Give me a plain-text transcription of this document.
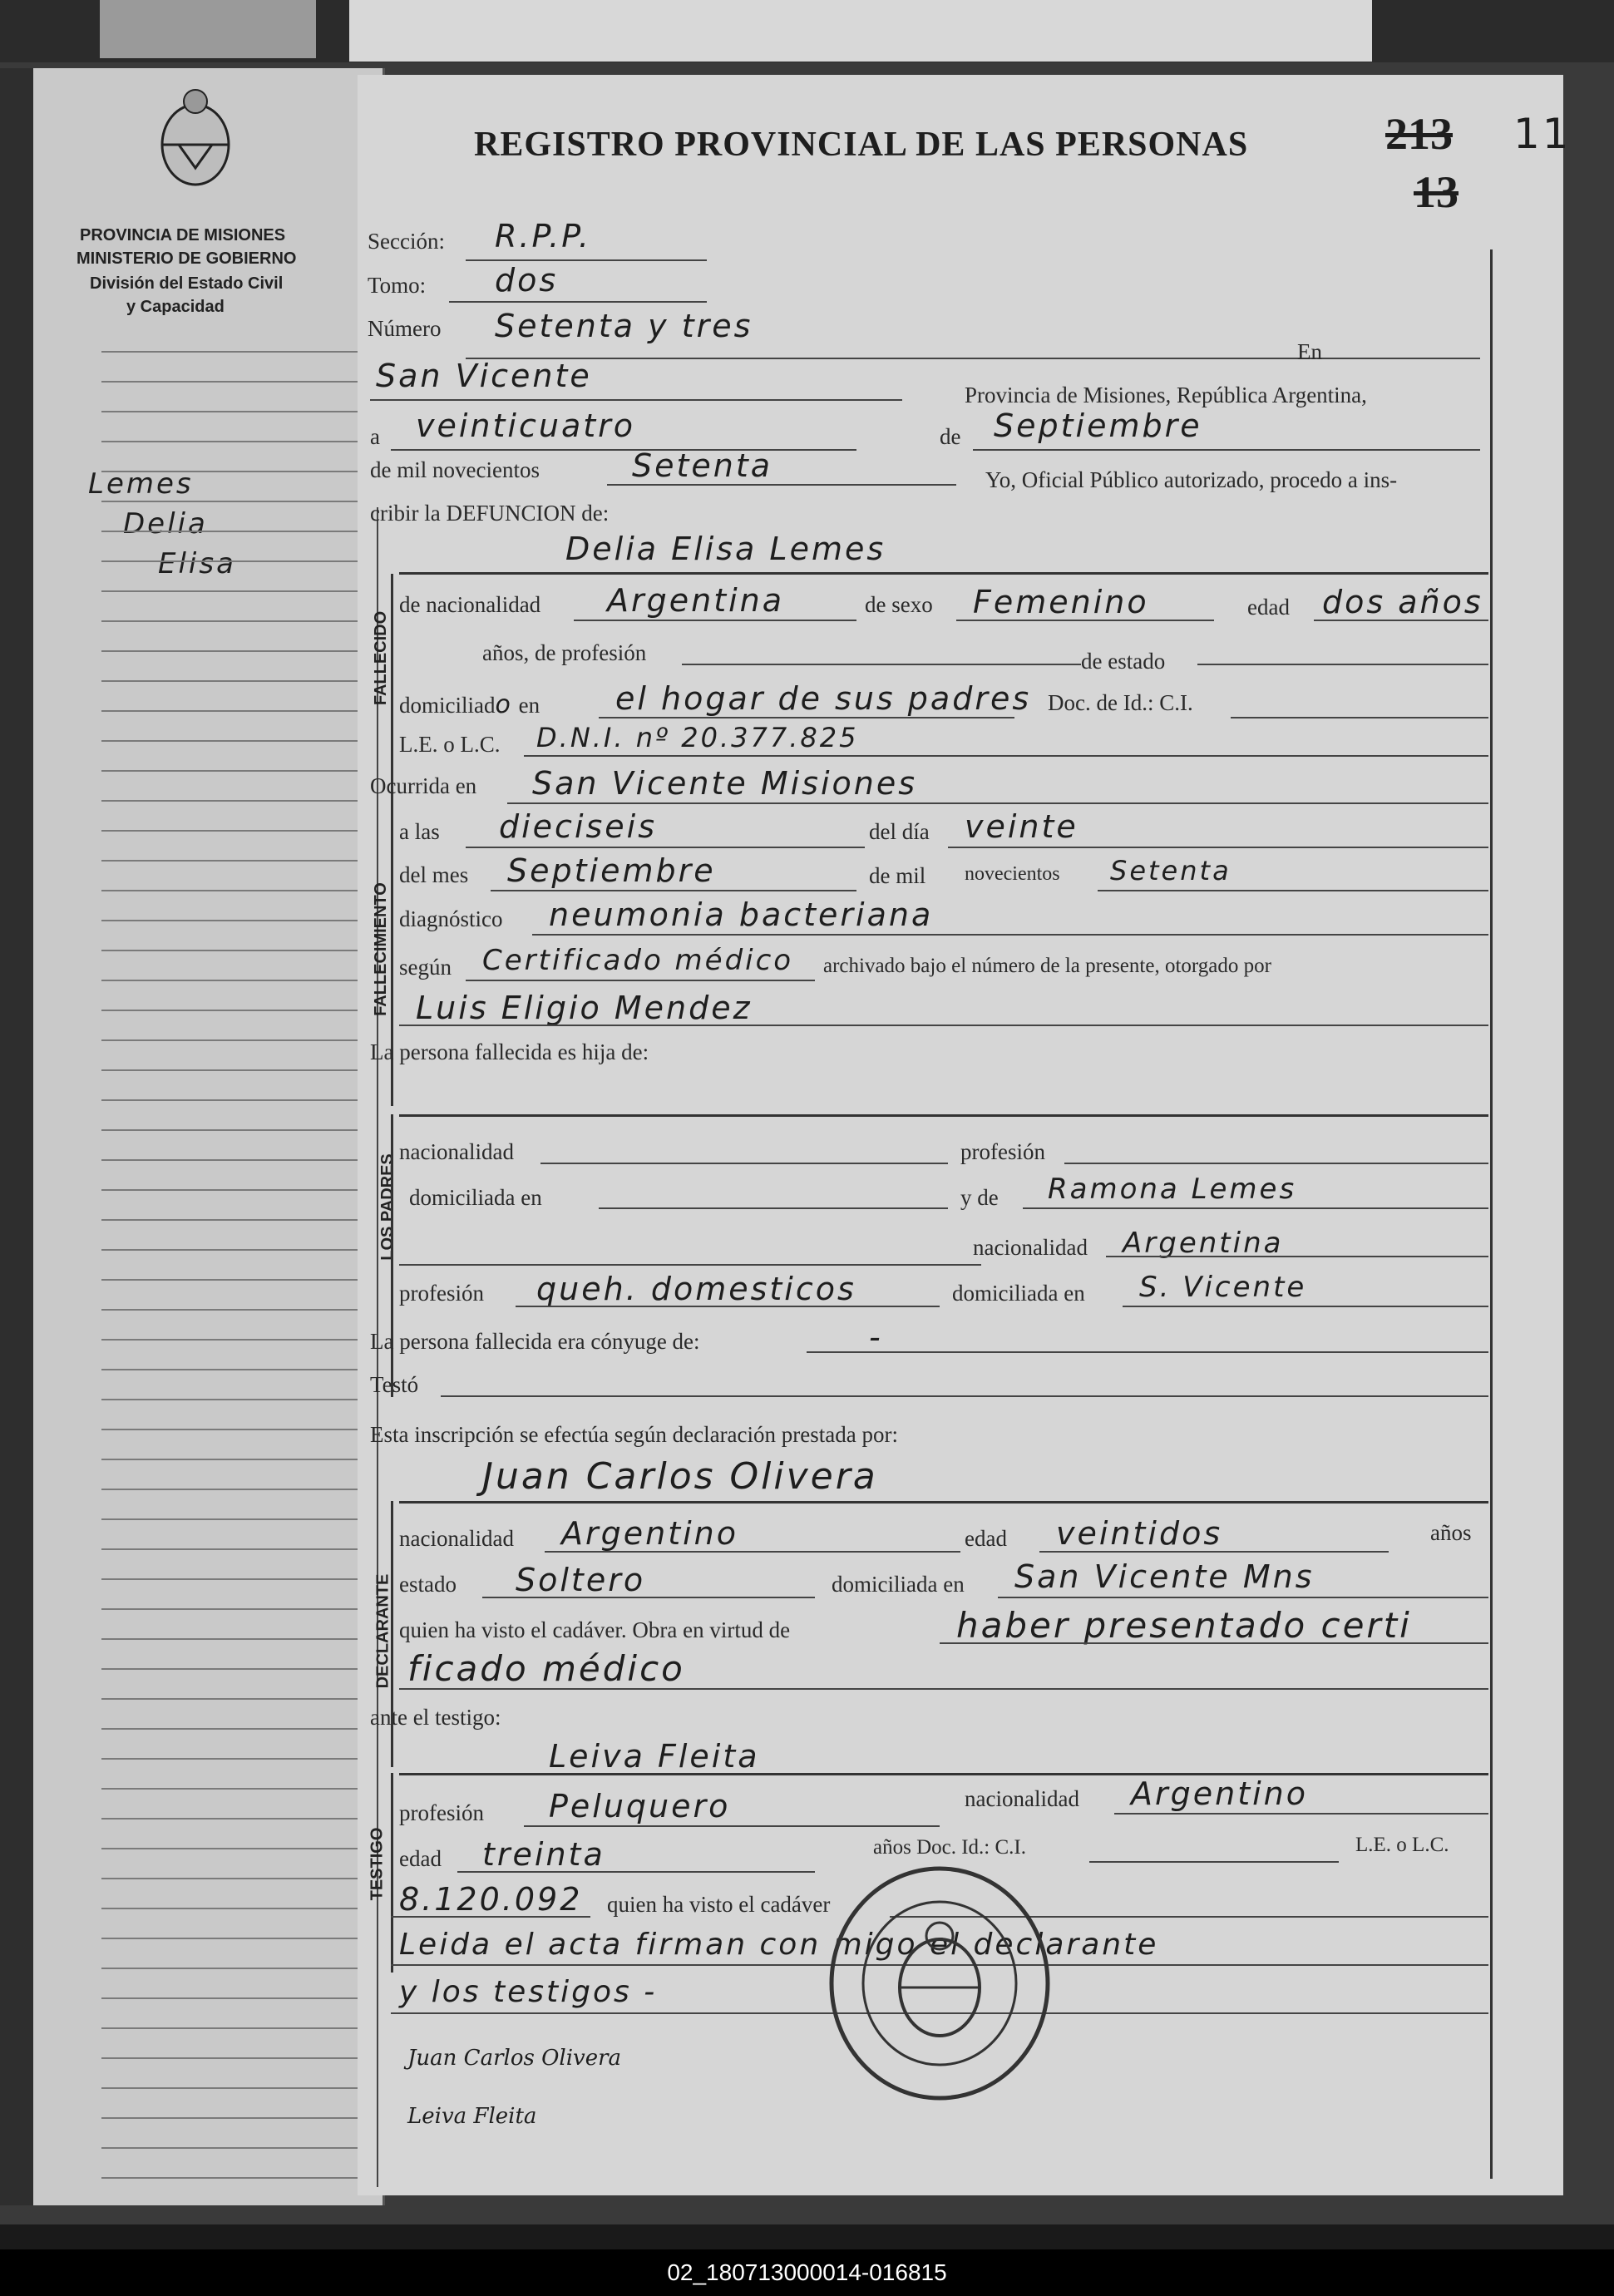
PROVINCIA DE MISIONES
MINISTERIO DE GOBIERNO
División del Estado Civil
y Capacidad
Lemes
Delia
Elisa
REGISTRO PROVINCIAL DE LAS PERSONAS	213 11
13
Sección: R.P.P.
Tomo: dos
Número Setenta y tres
En
San Vicente
Provincia de Misiones, República Argentina,
a veinticuatro	de Septiembre
de mil novecientos	Setenta	Yo, Oficial Público autorizado, procedo a ins-
cribir la DEFUNCION de:
FALLECIDO
Delia Elisa Lemes
de nacionalidad Argentina	de sexo Femenino	edad dos años
años, de profesión	de estado
domiciliado en el hogar de sus padres Doc. de Id.: C.I.
L.E. o L.C. D.N.I. nº 20.377.825
Ocurrida en San Vicente Misiones
FALLECIMIENTO
a las dieciseis	del día veinte
del mes Septiembre	de mil novecientos Setenta
diagnóstico neumonia bacteriana
según Certificado médico archivado bajo el número de la presente, otorgado por
Luis Eligio Mendez
La persona fallecida es hija de:
LOS PADRES
nacionalidad	profesión
domiciliada en	y de Ramona Lemes
nacionalidad Argentina
profesión queh. domesticos	domiciliada en S. Vicente
La persona fallecida era cónyuge de:	-
Testó
Esta inscripción se efectúa según declaración prestada por:
Juan Carlos Olivera
DECLARANTE
nacionalidad Argentino	edad veintidos	años
estado Soltero	domiciliada en San Vicente Mns
quien ha visto el cadáver. Obra en virtud de	haber presentado certi
ficado médico
ante el testigo:
Leiva Fleita
TESTIGO
profesión Peluquero	nacionalidad Argentino
edad treinta	años Doc. Id.: C.I.	L.E. o L.C.
8.120.092 quien ha visto el cadáver
Leida el acta firman con migo el declarante
y los testigos -
Juan Carlos Olivera
Leiva Fleita
02_180713000014-016815
